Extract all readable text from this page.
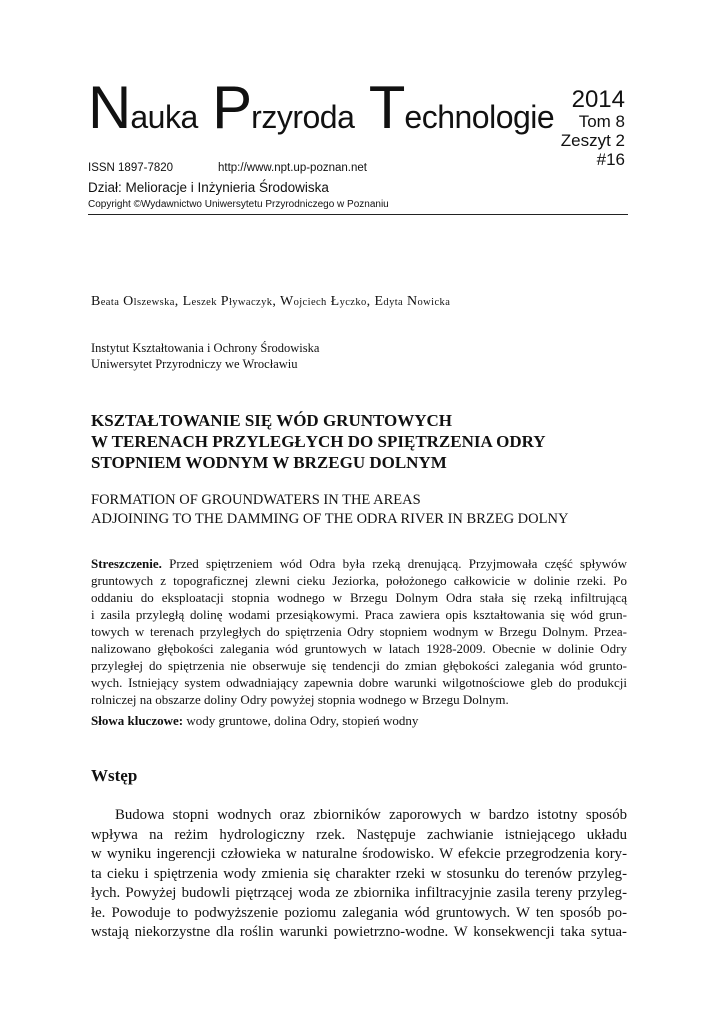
Nauka Przyroda Technologie 2014
Tom 8
Zeszyt 2
#16
ISSN 1897-7820	http://www.npt.up-poznan.net
Dział: Melioracje i Inżynieria Środowiska
Copyright ©Wydawnictwo Uniwersytetu Przyrodniczego w Poznaniu
Beata Olszewska, Leszek Pływaczyk, Wojciech Łyczko, Edyta Nowicka
Instytut Kształtowania i Ochrony Środowiska
Uniwersytet Przyrodniczy we Wrocławiu
KSZTAŁTOWANIE SIĘ WÓD GRUNTOWYCH
W TERENACH PRZYLEGŁYCH DO SPIĘTRZENIA ODRY
STOPNIEM WODNYM W BRZEGU DOLNYM
FORMATION OF GROUNDWATERS IN THE AREAS
ADJOINING TO THE DAMMING OF THE ODRA RIVER IN BRZEG DOLNY
Streszczenie. Przed spiętrzeniem wód Odra była rzeką drenującą. Przyjmowała część spływów
gruntowych z topograficznej zlewni cieku Jeziorka, położonego całkowicie w dolinie rzeki. Po
oddaniu do eksploatacji stopnia wodnego w Brzegu Dolnym Odra stała się rzeką infiltrującą
i zasila przyległą dolinę wodami przesiąkowymi. Praca zawiera opis kształtowania się wód grun-
towych w terenach przyległych do spiętrzenia Odry stopniem wodnym w Brzegu Dolnym. Przea-
nalizowano głębokości zalegania wód gruntowych w latach 1928-2009. Obecnie w dolinie Odry
przyległej do spiętrzenia nie obserwuje się tendencji do zmian głębokości zalegania wód grunto-
wych. Istniejący system odwadniający zapewnia dobre warunki wilgotnościowe gleb do produkcji
rolniczej na obszarze doliny Odry powyżej stopnia wodnego w Brzegu Dolnym.
Słowa kluczowe: wody gruntowe, dolina Odry, stopień wodny
Wstęp
Budowa stopni wodnych oraz zbiorników zaporowych w bardzo istotny sposób
wpływa na reżim hydrologiczny rzek. Następuje zachwianie istniejącego układu
w wyniku ingerencji człowieka w naturalne środowisko. W efekcie przegrodzenia kory-
ta cieku i spiętrzenia wody zmienia się charakter rzeki w stosunku do terenów przyleg-
łych. Powyżej budowli piętrzącej woda ze zbiornika infiltracyjnie zasila tereny przyleg-
łe. Powoduje to podwyższenie poziomu zalegania wód gruntowych. W ten sposób po-
wstają niekorzystne dla roślin warunki powietrzno-wodne. W konsekwencji taka sytua-
